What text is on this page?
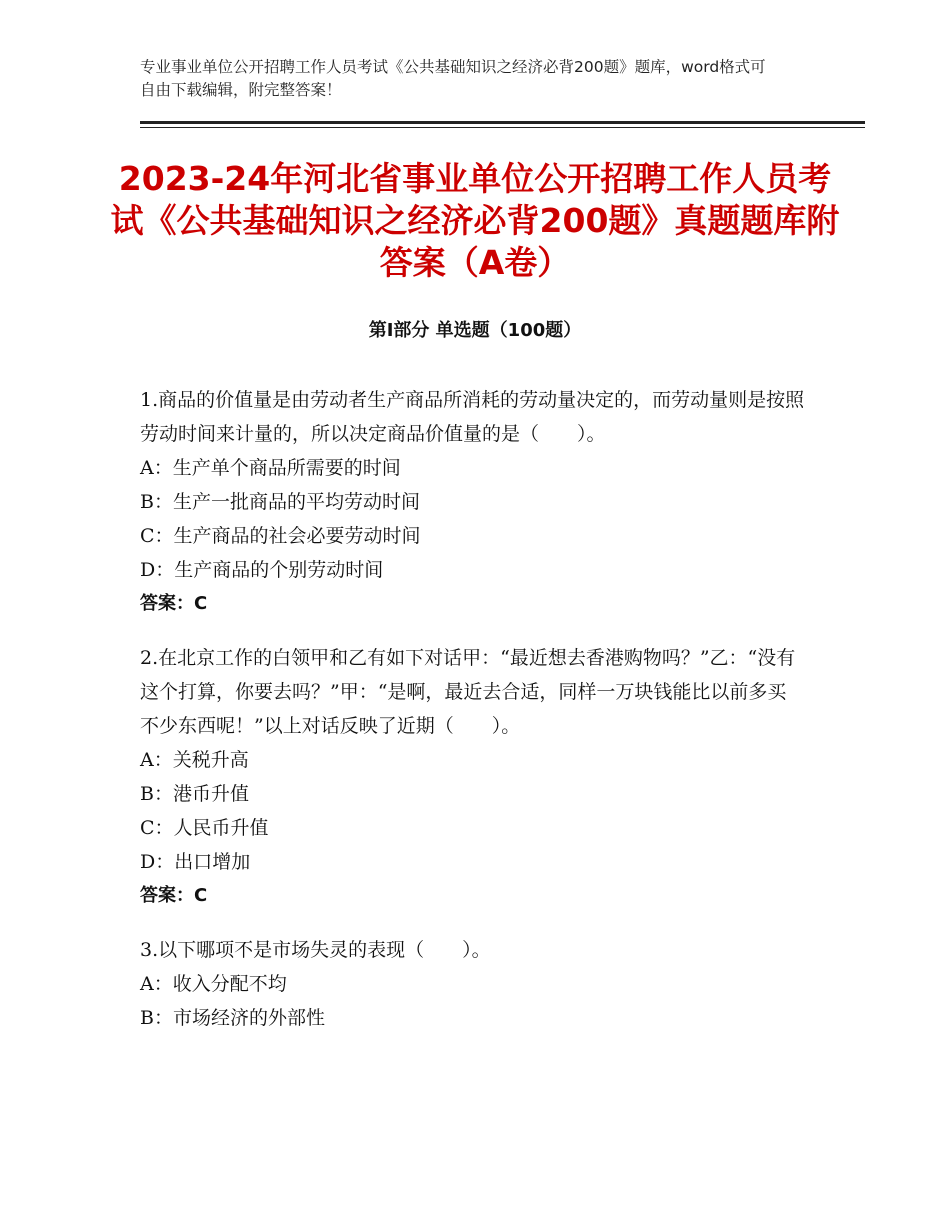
专业事业单位公开招聘工作人员考试《公共基础知识之经济必背200题》题库，word格式可自由下载编辑，附完整答案！
2023-24年河北省事业单位公开招聘工作人员考试《公共基础知识之经济必背200题》真题题库附答案（A卷）
第Ⅰ部分 单选题（100题）

1.商品的价值量是由劳动者生产商品所消耗的劳动量决定的，而劳动量则是按照劳动时间来计量的，所以决定商品价值量的是（　　）。

A：生产单个商品所需要的时间

B：生产一批商品的平均劳动时间

C：生产商品的社会必要劳动时间

D：生产商品的个别劳动时间

答案：C

2.在北京工作的白领甲和乙有如下对话甲：“最近想去香港购物吗？”乙：“没有这个打算，你要去吗？”甲：“是啊，最近去合适，同样一万块钱能比以前多买不少东西呢！”以上对话反映了近期（　　）。

A：关税升高

B：港币升值

C：人民币升值

D：出口增加

答案：C

3.以下哪项不是市场失灵的表现（　　）。

A：收入分配不均

B：市场经济的外部性
